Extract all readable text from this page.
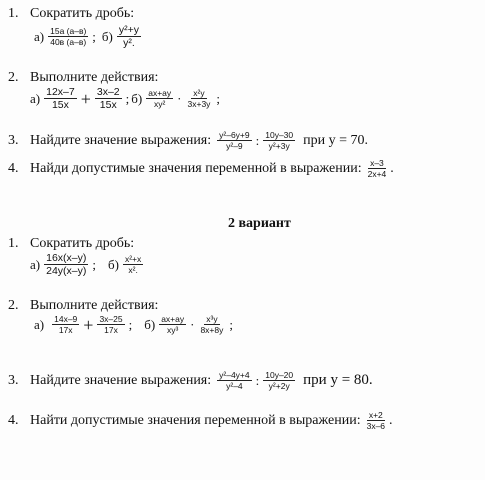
1. Сократить дробь:
$а) \frac{15a (a-в)}{40в (a-в)}$ ; $б) \frac{\text{y²+y}}{\text{y².}}$
2. Выполните действия:
$а) \frac{12x-7}{15x} + \frac{3x-2}{15x}$ ; $б) \frac{ax+ay}{\text{xy²}} \cdot \frac{\text{x²y}}{3x+3y}$ ;
3. Найдите значение выражения: $\frac{\text{y²–6y+9}}{\text{y²–9}}$ : $\frac{10y-30}{\text{y²+3y}}$ при y = 70.
4. Найди допустимые значения переменной в выражении: $\frac{x-3}{2x+4}$ .
2 вариант
1. Сократить дробь:
$а) \frac{16x(x-y)}{24y(x-y)}$ ; $б) \frac{\text{x²+x}}{\text{x².}}$
2. Выполните действия:
$а) \frac{14x-9}{17x} + \frac{3x-25}{17x}$ ; $б) \frac{ax+ay}{\text{xy³}} \cdot \frac{\text{x³y}}{8x+8y}$ ;
3. Найдите значение выражения: $\frac{\text{y²–4y+4}}{\text{y²–4}}$ : $\frac{10y-20}{\text{y²+2y}}$ при y = 80.
4. Найти допустимые значения переменной в выражении: $\frac{x+2}{3x-6}$ .
